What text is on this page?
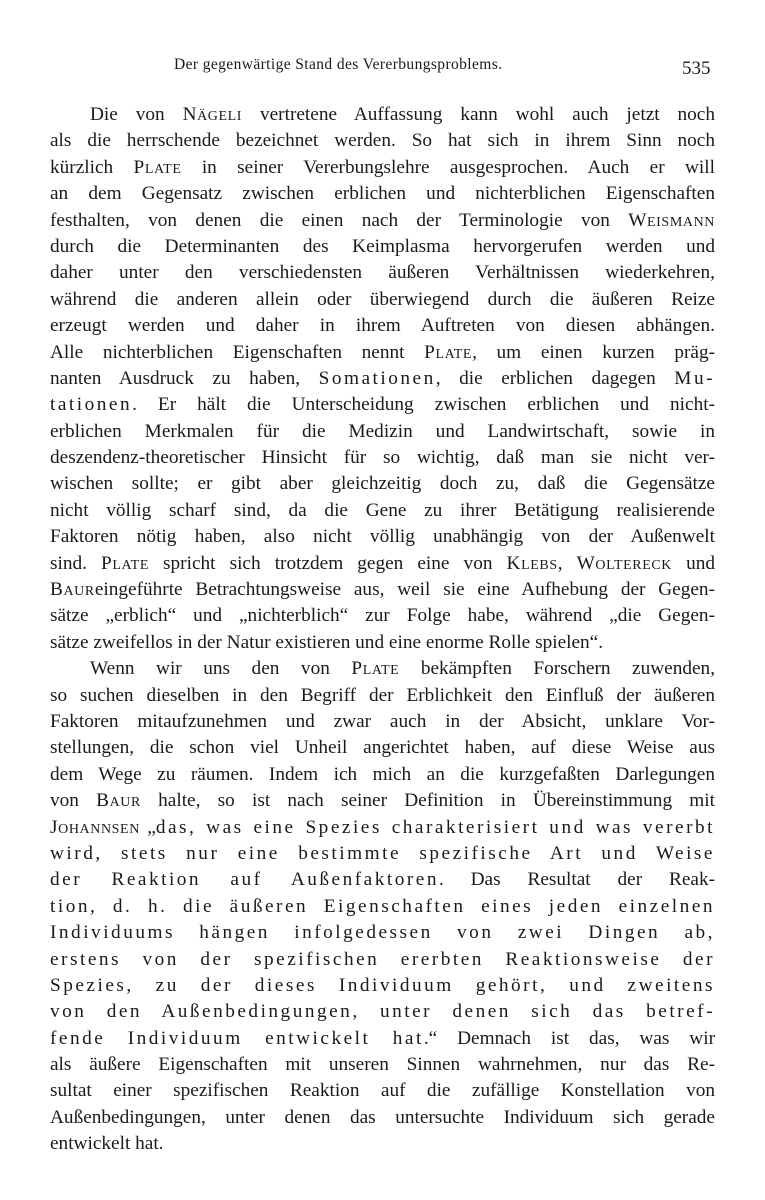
Der gegenwärtige Stand des Vererbungsproblems.	535
Die von Nägeli vertretene Auffassung kann wohl auch jetzt noch
als die herrschende bezeichnet werden. So hat sich in ihrem Sinn noch
kürzlich Plate in seiner Vererbungslehre ausgesprochen. Auch er will
an dem Gegensatz zwischen erblichen und nichterblichen Eigenschaften
festhalten, von denen die einen nach der Terminologie von Weismann
durch die Determinanten des Keimplasma hervorgerufen werden und
daher unter den verschiedensten äußeren Verhältnissen wiederkehren,
während die anderen allein oder überwiegend durch die äußeren Reize
erzeugt werden und daher in ihrem Auftreten von diesen abhängen.
Alle nichterblichen Eigenschaften nennt Plate, um einen kurzen präg-
nanten Ausdruck zu haben, Somationen, die erblichen dagegen Mu-
tationen. Er hält die Unterscheidung zwischen erblichen und nicht-
erblichen Merkmalen für die Medizin und Landwirtschaft, sowie in
deszendenz-theoretischer Hinsicht für so wichtig, daß man sie nicht ver-
wischen sollte; er gibt aber gleichzeitig doch zu, daß die Gegensätze
nicht völlig scharf sind, da die Gene zu ihrer Betätigung realisierende
Faktoren nötig haben, also nicht völlig unabhängig von der Außenwelt
sind. Plate spricht sich trotzdem gegen eine von Klebs, Woltereck und
Baureingeführte Betrachtungsweise aus, weil sie eine Aufhebung der Gegen-
sätze „erblich“ und „nichterblich“ zur Folge habe, während „die Gegen-
sätze zweifellos in der Natur existieren und eine enorme Rolle spielen“.
Wenn wir uns den von Plate bekämpften Forschern zuwenden,
so suchen dieselben in den Begriff der Erblichkeit den Einfluß der äußeren
Faktoren mitaufzunehmen und zwar auch in der Absicht, unklare Vor-
stellungen, die schon viel Unheil angerichtet haben, auf diese Weise aus
dem Wege zu räumen. Indem ich mich an die kurzgefaßten Darlegungen
von Baur halte, so ist nach seiner Definition in Übereinstimmung mit
Johannsen „das, was eine Spezies charakterisiert und was vererbt
wird, stets nur eine bestimmte spezifische Art und Weise
der Reaktion auf Außenfaktoren. Das Resultat der Reak-
tion, d. h. die äußeren Eigenschaften eines jeden einzelnen
Individuums hängen infolgedessen von zwei Dingen ab,
erstens von der spezifischen ererbten Reaktionsweise der
Spezies, zu der dieses Individuum gehört, und zweitens
von den Außenbedingungen, unter denen sich das betref-
fende Individuum entwickelt hat.“ Demnach ist das, was wir
als äußere Eigenschaften mit unseren Sinnen wahrnehmen, nur das Re-
sultat einer spezifischen Reaktion auf die zufällige Konstellation von
Außenbedingungen, unter denen das untersuchte Individuum sich gerade
entwickelt hat.
